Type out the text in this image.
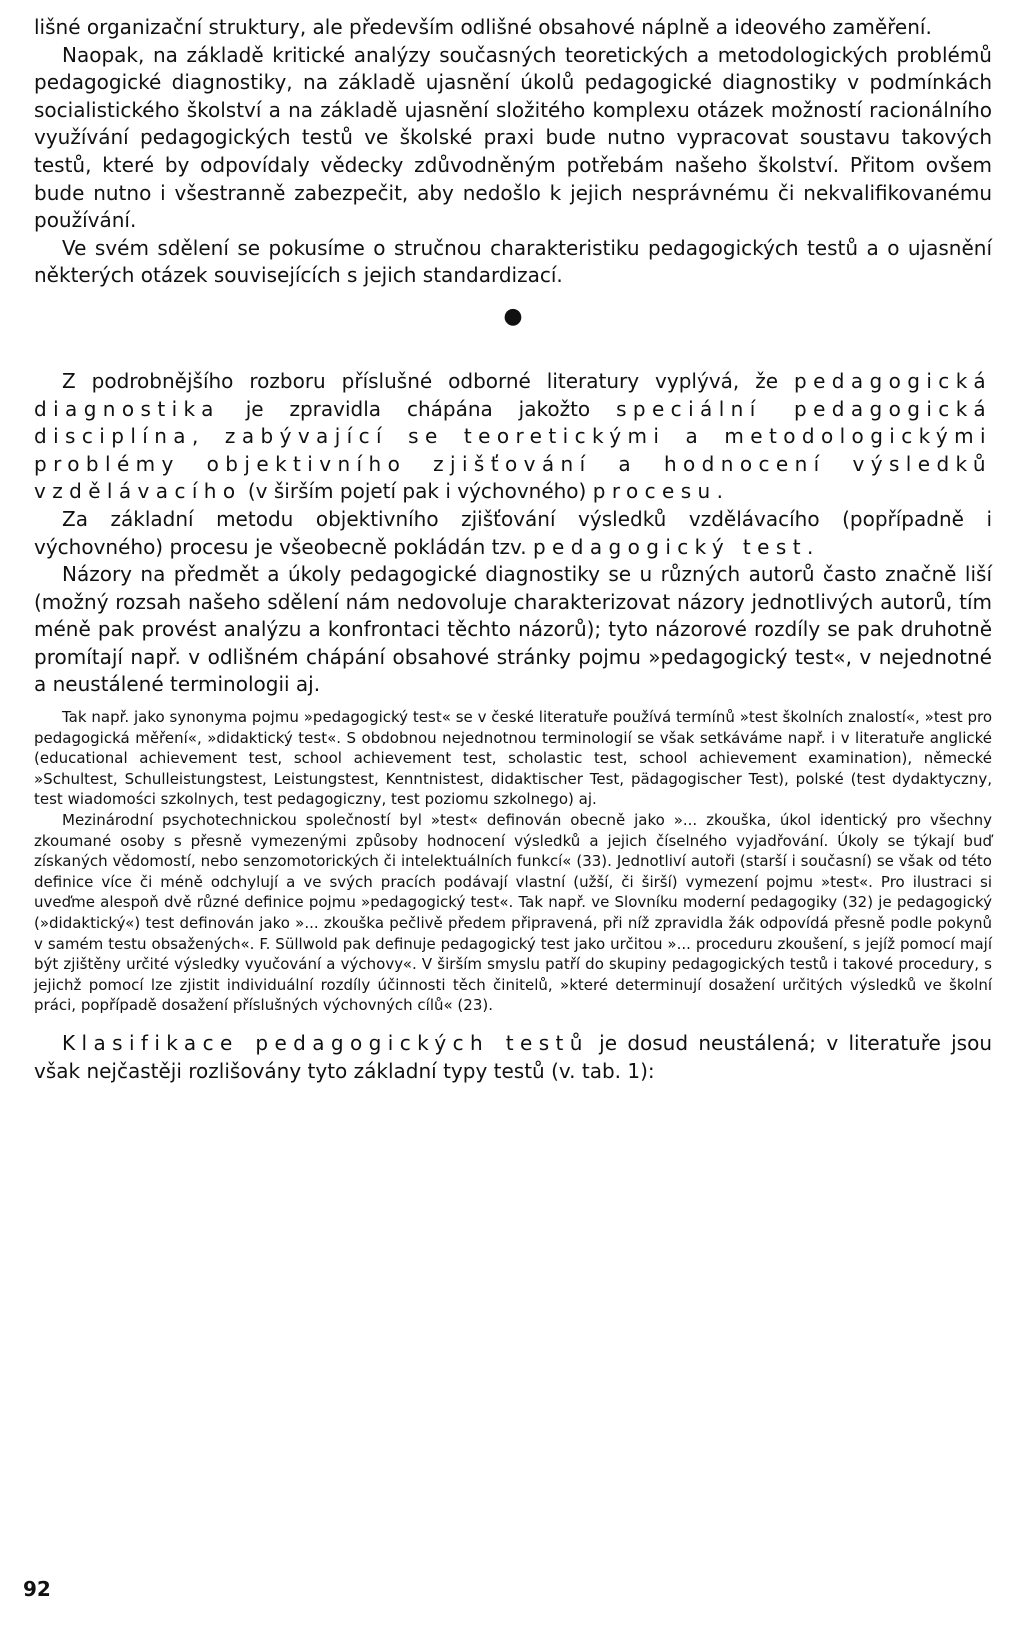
lišné organizační struktury, ale především odlišné obsahové náplně a ideového zaměření.

Naopak, na základě kritické analýzy současných teoretických a metodologických problémů pedagogické diagnostiky, na základě ujasnění úkolů pedagogické diagnostiky v podmínkách socialistického školství a na základě ujasnění složitého komplexu otázek možností racionálního využívání pedagogických testů ve školské praxi bude nutno vypracovat soustavu takových testů, které by odpovídaly vědecky zdůvodněným potřebám našeho školství. Přitom ovšem bude nutno i všestranně zabezpečit, aby nedošlo k jejich nesprávnému či nekvalifikovanému používání.

Ve svém sdělení se pokusíme o stručnou charakteristiku pedagogických testů a o ujasnění některých otázek souvisejících s jejich standardizací.

●

Z podrobnějšího rozboru příslušné odborné literatury vyplývá, že pedagogická diagnostika je zpravidla chápána jakožto speciální pedagogická disciplína, zabývající se teoretickými a metodologickými problémy objektivního zjišťování a hodnocení výsledků vzdělávacího (v širším pojetí pak i výchovného) procesu.

Za základní metodu objektivního zjišťování výsledků vzdělávacího (popřípadně i výchovného) procesu je všeobecně pokládán tzv. pedagogický test.

Názory na předmět a úkoly pedagogické diagnostiky se u různých autorů často značně liší (možný rozsah našeho sdělení nám nedovoluje charakterizovat názory jednotlivých autorů, tím méně pak provést analýzu a konfrontaci těchto názorů); tyto názorové rozdíly se pak druhotně promítají např. v odlišném chápání obsahové stránky pojmu »pedagogický test«, v nejednotné a neustálené terminologii aj.

Tak např. jako synonyma pojmu »pedagogický test« se v české literatuře používá termínů »test školních znalostí«, »test pro pedagogická měření«, »didaktický test«. S obdobnou nejednotnou terminologií se však setkáváme např. i v literatuře anglické (educational achievement test, school achievement test, scholastic test, school achievement examination), německé »Schultest, Schulleistungstest, Leistungstest, Kenntnistest, didaktischer Test, pädagogischer Test), polské (test dydaktyczny, test wiadomości szkolnych, test pedagogiczny, test poziomu szkolnego) aj.

Mezinárodní psychotechnickou společností byl »test« definován obecně jako »... zkouška, úkol identický pro všechny zkoumané osoby s přesně vymezenými způsoby hodnocení výsledků a jejich číselného vyjadřování. Úkoly se týkají buď získaných vědomostí, nebo senzomotorických či intelektuálních funkcí« (33). Jednotliví autoři (starší i současní) se však od této definice více či méně odchylují a ve svých pracích podávají vlastní (užší, či širší) vymezení pojmu »test«. Pro ilustraci si uveďme alespoň dvě různé definice pojmu »pedagogický test«. Tak např. ve Slovníku moderní pedagogiky (32) je pedagogický (»didaktický«) test definován jako »... zkouška pečlivě předem připravená, při níž zpravidla žák odpovídá přesně podle pokynů v samém testu obsažených«. F. Süllwold pak definuje pedagogický test jako určitou »... proceduru zkoušení, s jejíž pomocí mají být zjištěny určité výsledky vyučování a výchovy«. V širším smyslu patří do skupiny pedagogických testů i takové procedury, s jejichž pomocí lze zjistit individuální rozdíly účinnosti těch činitelů, »které determinují dosažení určitých výsledků ve školní práci, popřípadě dosažení příslušných výchovných cílů« (23).

Klasifikace pedagogických testů je dosud neustálená; v literatuře jsou však nejčastěji rozlišovány tyto základní typy testů (v. tab. 1):

92
